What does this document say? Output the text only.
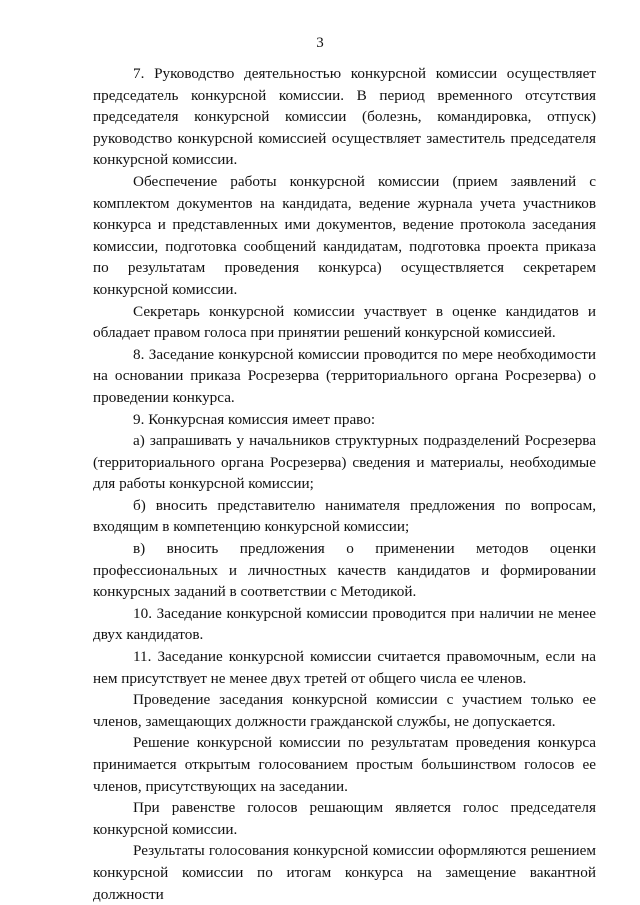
3

7. Руководство деятельностью конкурсной комиссии осуществляет председатель конкурсной комиссии. В период временного отсутствия председателя конкурсной комиссии (болезнь, командировка, отпуск) руководство конкурсной комиссией осуществляет заместитель председателя конкурсной комиссии.

Обеспечение работы конкурсной комиссии (прием заявлений с комплектом документов на кандидата, ведение журнала учета участников конкурса и представленных ими документов, ведение протокола заседания комиссии, подготовка сообщений кандидатам, подготовка проекта приказа по результатам проведения конкурса) осуществляется секретарем конкурсной комиссии.

Секретарь конкурсной комиссии участвует в оценке кандидатов и обладает правом голоса при принятии решений конкурсной комиссией.

8. Заседание конкурсной комиссии проводится по мере необходимости на основании приказа Росрезерва (территориального органа Росрезерва) о проведении конкурса.

9. Конкурсная комиссия имеет право:

а) запрашивать у начальников структурных подразделений Росрезерва (территориального органа Росрезерва) сведения и материалы, необходимые для работы конкурсной комиссии;

б) вносить представителю нанимателя предложения по вопросам, входящим в компетенцию конкурсной комиссии;

в) вносить предложения о применении методов оценки профессиональных и личностных качеств кандидатов и формировании конкурсных заданий в соответствии с Методикой.

10. Заседание конкурсной комиссии проводится при наличии не менее двух кандидатов.

11. Заседание конкурсной комиссии считается правомочным, если на нем присутствует не менее двух третей от общего числа ее членов.

Проведение заседания конкурсной комиссии с участием только ее членов, замещающих должности гражданской службы, не допускается.

Решение конкурсной комиссии по результатам проведения конкурса принимается открытым голосованием простым большинством голосов ее членов, присутствующих на заседании.

При равенстве голосов решающим является голос председателя конкурсной комиссии.

Результаты голосования конкурсной комиссии оформляются решением конкурсной комиссии по итогам конкурса на замещение вакантной должности
